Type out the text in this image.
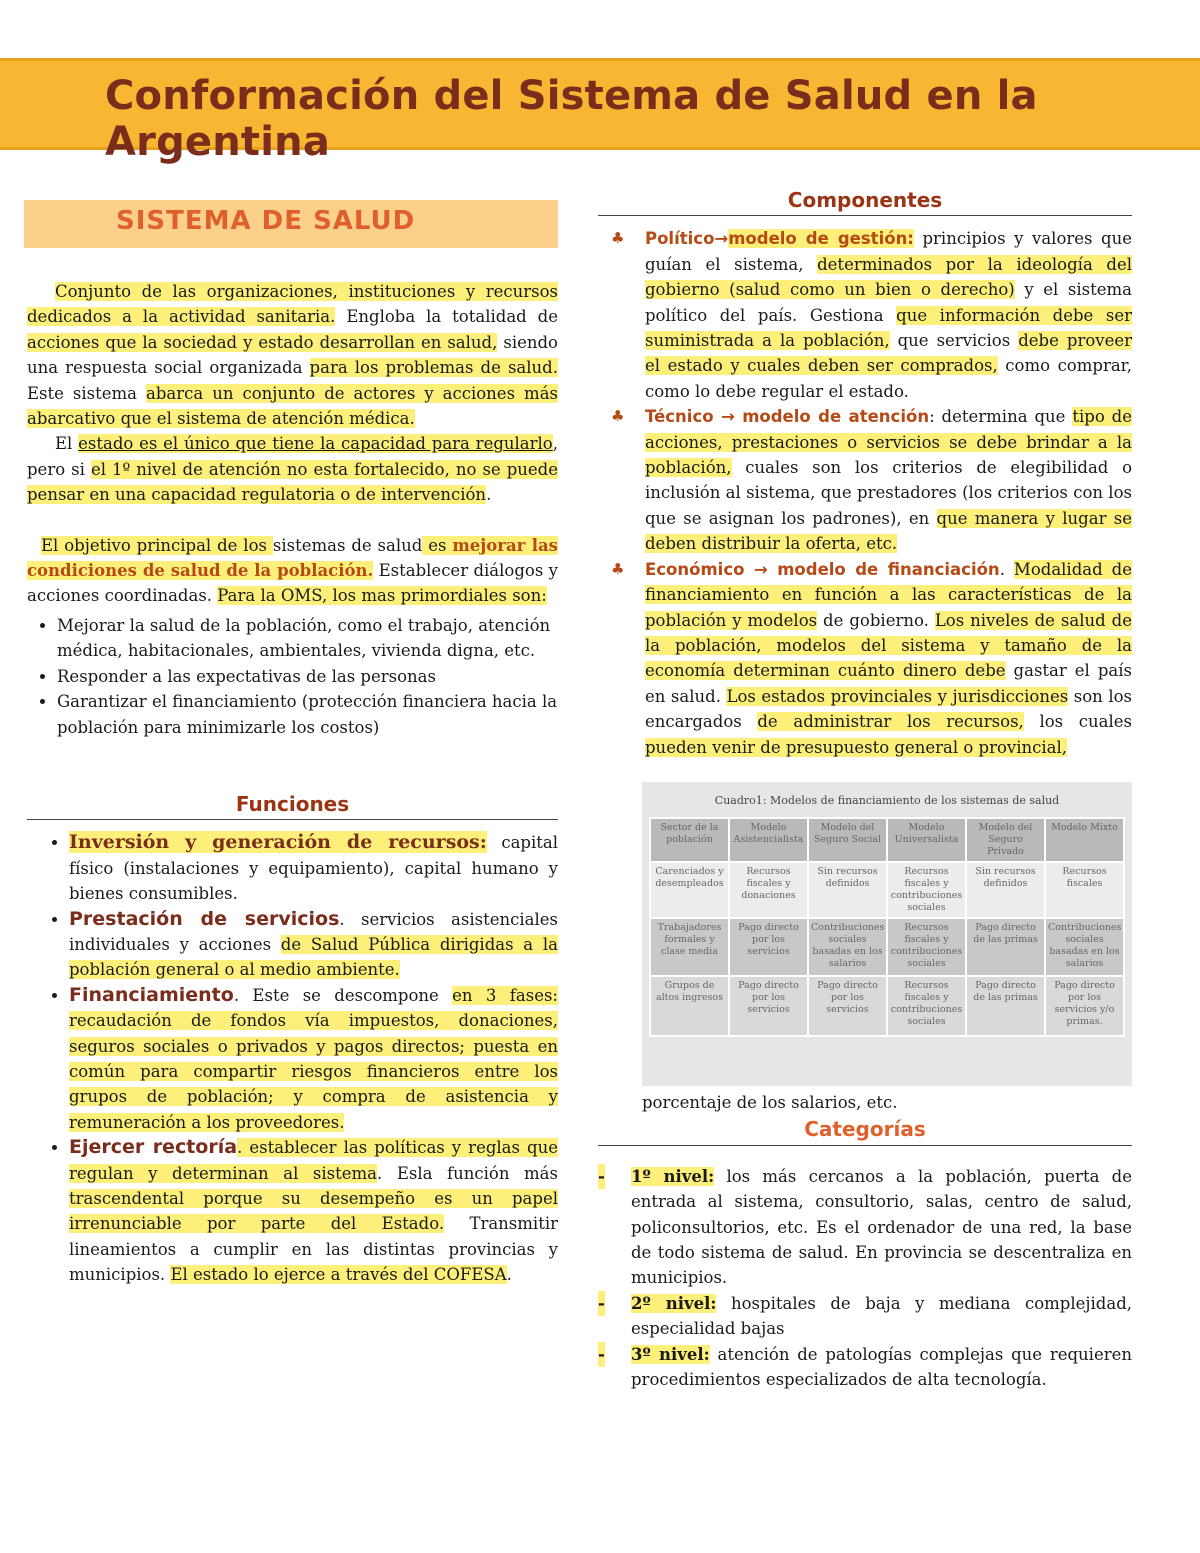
Conformación del Sistema de Salud en la Argentina
SISTEMA DE SALUD

Conjunto de las organizaciones, instituciones y recursos dedicados a la actividad sanitaria. Engloba la totalidad de acciones que la sociedad y estado desarrollan en salud, siendo una respuesta social organizada para los problemas de salud. Este sistema abarca un conjunto de actores y acciones más abarcativo que el sistema de atención médica.

El estado es el único que tiene la capacidad para regularlo, pero si el 1º nivel de atención no esta fortalecido, no se puede pensar en una capacidad regulatoria o de intervención.

El objetivo principal de los sistemas de salud es mejorar las condiciones de salud de la población. Establecer diálogos y acciones coordinadas. Para la OMS, los mas primordiales son:

• Mejorar la salud de la población, como el trabajo, atención médica, habitacionales, ambientales, vivienda digna, etc.
• Responder a las expectativas de las personas
• Garantizar el financiamiento (protección financiera hacia la población para minimizarle los costos)
Funciones
• Inversión y generación de recursos: capital físico (instalaciones y equipamiento), capital humano y bienes consumibles.
• Prestación de servicios. servicios asistenciales individuales y acciones de Salud Pública dirigidas a la población general o al medio ambiente.
• Financiamiento. Este se descompone en 3 fases: recaudación de fondos vía impuestos, donaciones, seguros sociales o privados y pagos directos; puesta en común para compartir riesgos financieros entre los grupos de población; y compra de asistencia y remuneración a los proveedores.
• Ejercer rectoría. establecer las políticas y reglas que regulan y determinan al sistema. Esla función más trascendental porque su desempeño es un papel irrenunciable por parte del Estado. Transmitir lineamientos a cumplir en las distintas provincias y municipios. El estado lo ejerce a través del COFESA.
Componentes
♣ Político→modelo de gestión: principios y valores que guían el sistema, determinados por la ideología del gobierno (salud como un bien o derecho) y el sistema político del país. Gestiona que información debe ser suministrada a la población, que servicios debe proveer el estado y cuales deben ser comprados, como comprar, como lo debe regular el estado.
♣ Técnico → modelo de atención: determina que tipo de acciones, prestaciones o servicios se debe brindar a la población, cuales son los criterios de elegibilidad o inclusión al sistema, que prestadores (los criterios con los que se asignan los padrones), en que manera y lugar se deben distribuir la oferta, etc.
♣ Económico → modelo de financiación. Modalidad de financiamiento en función a las características de la población y modelos de gobierno. Los niveles de salud de la población, modelos del sistema y tamaño de la economía determinan cuánto dinero debe gastar el país en salud. Los estados provinciales y jurisdicciones son los encargados de administrar los recursos, los cuales pueden venir de presupuesto general o provincial,
Cuadro1: Modelos de financiamiento de los sistemas de salud
Sector de la población	Modelo Asistencialista	Modelo del Seguro Social	Modelo Universalista	Modelo del Seguro Privado	Modelo Mixto
Carenciados y desempleados	Recursos fiscales y donaciones	Sin recursos definidos	Recursos fiscales y contribuciones sociales	Sin recursos definidos	Recursos fiscales
Trabajadores formales y clase media	Pago directo por los servicios	Contribuciones sociales basadas en los salarios	Recursos fiscales y contribuciones sociales	Pago directo de las primas	Contribuciones sociales basadas en los salarios
Grupos de altos ingresos	Pago directo por los servicios	Pago directo por los servicios	Recursos fiscales y contribuciones sociales	Pago directo de las primas	Pago directo por los servicios y/o primas.

porcentaje de los salarios, etc.

Categorías
- 1º nivel: los más cercanos a la población, puerta de entrada al sistema, consultorio, salas, centro de salud, policonsultorios, etc. Es el ordenador de una red, la base de todo sistema de salud. En provincia se descentraliza en municipios.
- 2º nivel: hospitales de baja y mediana complejidad, especialidad bajas
- 3º nivel: atención de patologías complejas que requieren procedimientos especializados de alta tecnología.
